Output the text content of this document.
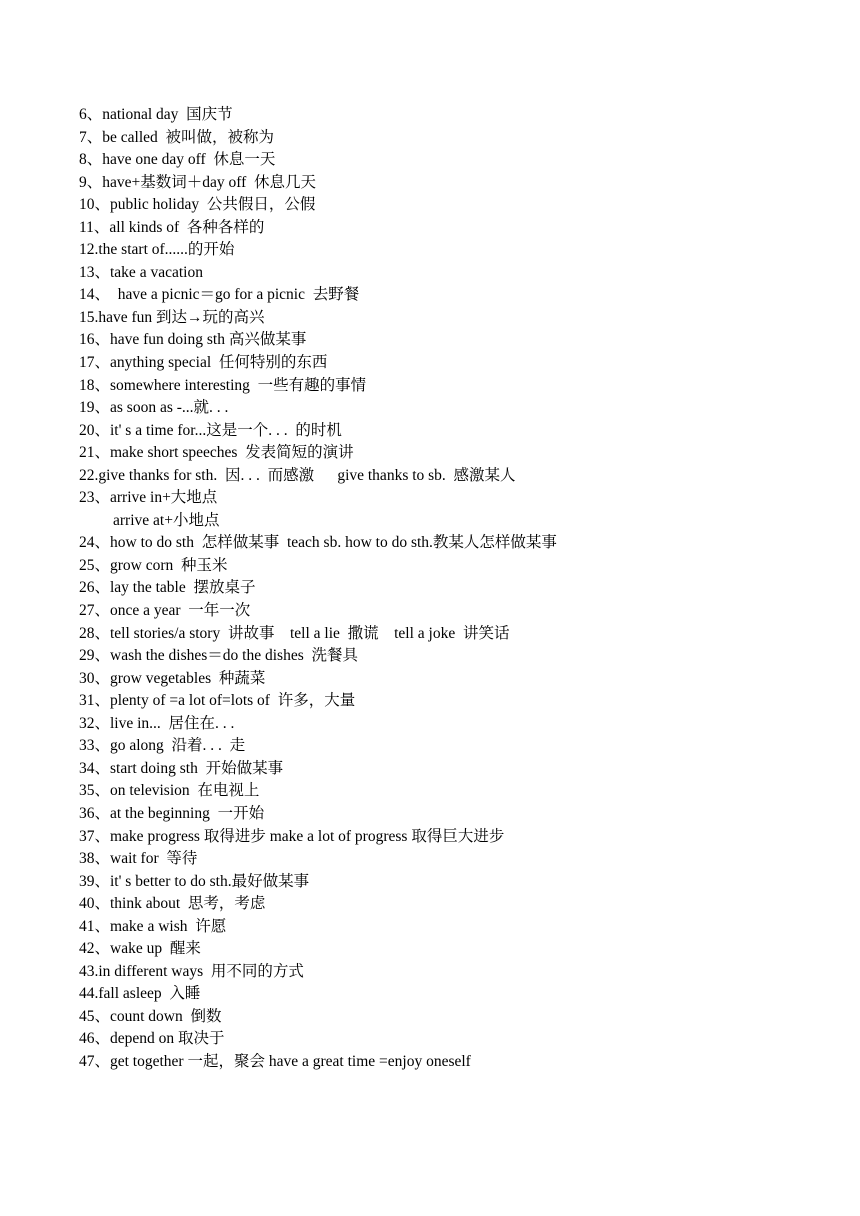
6、national day  国庆节
7、be called  被叫做，被称为
8、have one day off  休息一天
9、have+基数词＋day off  休息几天
10、public holiday  公共假日，公假
11、all kinds of  各种各样的
12.the start of......的开始
13、take a vacation
14、  have a picnic＝go for a picnic  去野餐
15.have fun 到达→玩的高兴
16、have fun doing sth 高兴做某事
17、anything special  任何特别的东西
18、somewhere interesting  一些有趣的事情
19、as soon as -...就. . .
20、it' s a time for...这是一个. . .  的时机
21、make short speeches  发表简短的演讲
22.give thanks for sth.  因. . .  而感激      give thanks to sb.  感激某人
23、arrive in+大地点
arrive at+小地点
24、how to do sth  怎样做某事  teach sb. how to do sth.教某人怎样做某事
25、grow corn  种玉米
26、lay the table  摆放桌子
27、once a year  一年一次
28、tell stories/a story  讲故事    tell a lie  撒谎    tell a joke  讲笑话
29、wash the dishes＝do the dishes  洗餐具
30、grow vegetables  种蔬菜
31、plenty of =a lot of=lots of  许多，大量
32、live in...  居住在. . .
33、go along  沿着. . .  走
34、start doing sth  开始做某事
35、on television  在电视上
36、at the beginning  一开始
37、make progress 取得进步 make a lot of progress 取得巨大进步
38、wait for  等待
39、it' s better to do sth.最好做某事
40、think about  思考，考虑
41、make a wish  许愿
42、wake up  醒来
43.in different ways  用不同的方式
44.fall asleep  入睡
45、count down  倒数
46、depend on 取决于
47、get together 一起，聚会 have a great time =enjoy oneself
